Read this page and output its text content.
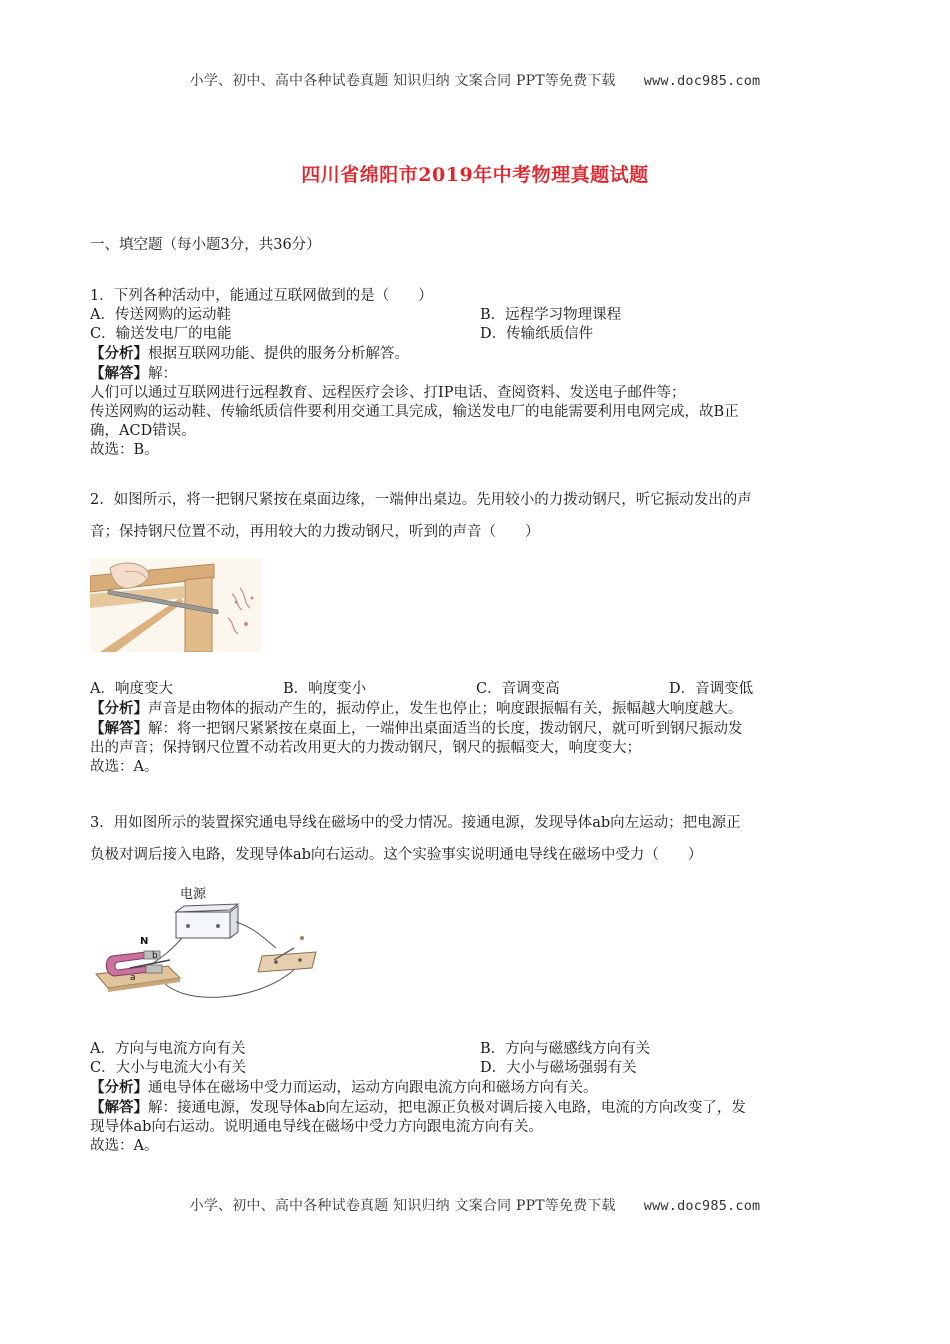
小学、初中、高中各种试卷真题 知识归纳 文案合同 PPT等免费下载 www.doc985.com
四川省绵阳市2019年中考物理真题试题
一、填空题（每小题3分，共36分）

1．下列各种活动中，能通过互联网做到的是（　　）

A．传送网购的运动鞋	B．远程学习物理课程
C．输送发电厂的电能	D．传输纸质信件

【分析】根据互联网功能、提供的服务分析解答。

【解答】解：

人们可以通过互联网进行远程教育、远程医疗会诊、打IP电话、查阅资料、发送电子邮件等；

传送网购的运动鞋、传输纸质信件要利用交通工具完成，输送发电厂的电能需要利用电网完成，故B正

确，ACD错误。

故选：B。

2．如图所示，将一把钢尺紧按在桌面边缘，一端伸出桌边。先用较小的力拨动钢尺，听它振动发出的声

音；保持钢尺位置不动，再用较大的力拨动钢尺，听到的声音（　　）

A．响度变大	B．响度变小	C．音调变高	D．音调变低

【分析】声音是由物体的振动产生的，振动停止，发生也停止；响度跟振幅有关，振幅越大响度越大。

【解答】解：将一把钢尺紧紧按在桌面上，一端伸出桌面适当的长度，拨动钢尺，就可听到钢尺振动发

出的声音；保持钢尺位置不动若改用更大的力拨动钢尺，钢尺的振幅变大，响度变大；

故选：A。

3．用如图所示的装置探究通电导线在磁场中的受力情况。接通电源，发现导体ab向左运动；把电源正

负极对调后接入电路，发现导体ab向右运动。这个实验事实说明通电导线在磁场中受力（　　）

电源
N
b
a
A．方向与电流方向有关	B．方向与磁感线方向有关
C．大小与电流大小有关	D．大小与磁场强弱有关

【分析】通电导体在磁场中受力而运动，运动方向跟电流方向和磁场方向有关。

【解答】解：接通电源，发现导体ab向左运动，把电源正负极对调后接入电路，电流的方向改变了，发

现导体ab向右运动。说明通电导线在磁场中受力方向跟电流方向有关。

故选：A。

小学、初中、高中各种试卷真题 知识归纳 文案合同 PPT等免费下载 www.doc985.com
